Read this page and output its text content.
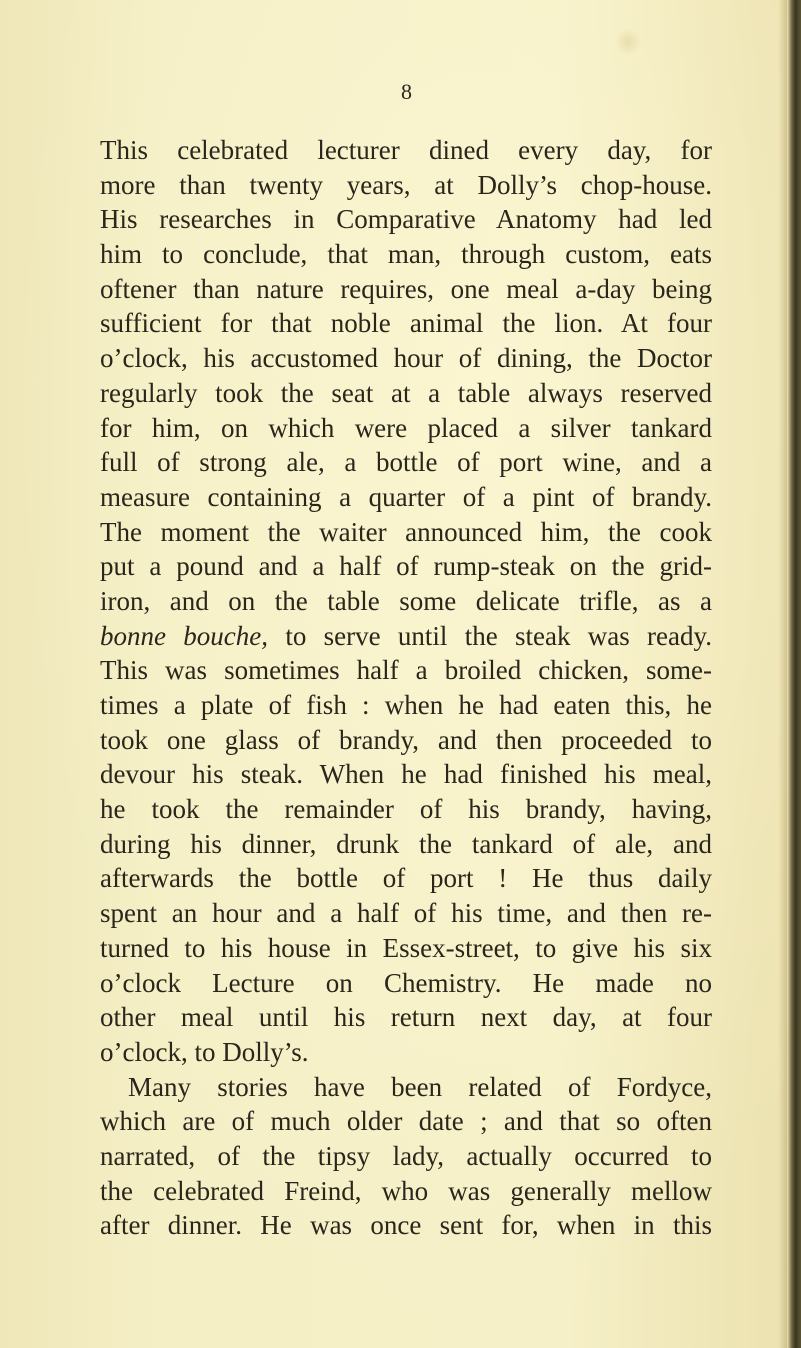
8

This celebrated lecturer dined every day, for
more than twenty years, at Dolly’s chop-house.
His researches in Comparative Anatomy had led
him to conclude, that man, through custom, eats
oftener than nature requires, one meal a-day being
sufficient for that noble animal the lion. At four
o’clock, his accustomed hour of dining, the Doctor
regularly took the seat at a table always reserved
for him, on which were placed a silver tankard
full of strong ale, a bottle of port wine, and a
measure containing a quarter of a pint of brandy.
The moment the waiter announced him, the cook
put a pound and a half of rump-steak on the grid-
iron, and on the table some delicate trifle, as a
bonne bouche, to serve until the steak was ready.
This was sometimes half a broiled chicken, some-
times a plate of fish : when he had eaten this, he
took one glass of brandy, and then proceeded to
devour his steak. When he had finished his meal,
he took the remainder of his brandy, having,
during his dinner, drunk the tankard of ale, and
afterwards the bottle of port ! He thus daily
spent an hour and a half of his time, and then re-
turned to his house in Essex-street, to give his six
o’clock Lecture on Chemistry. He made no
other meal until his return next day, at four
o’clock, to Dolly’s.
Many stories have been related of Fordyce,
which are of much older date ; and that so often
narrated, of the tipsy lady, actually occurred to
the celebrated Freind, who was generally mellow
after dinner. He was once sent for, when in this
